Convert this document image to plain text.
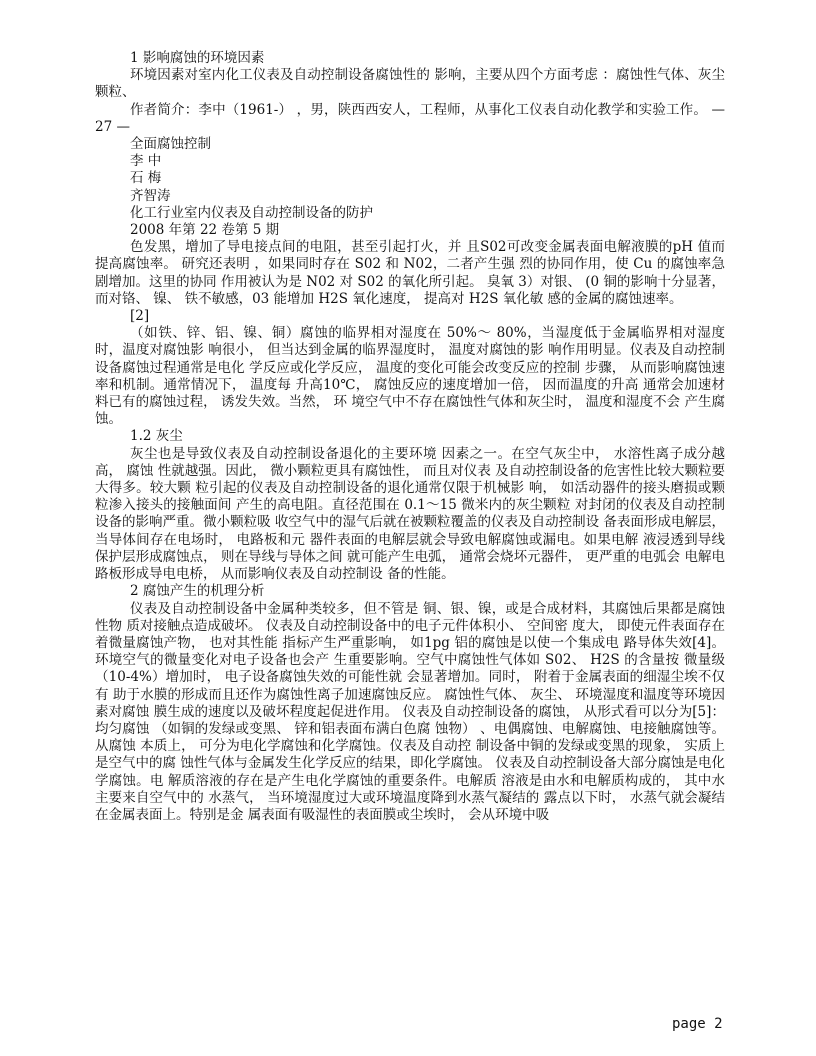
1 影响腐蚀的环境因素

环境因素对室内化工仪表及自动控制设备腐蚀性的 影响，主要从四个方面考虑 ：腐蚀性气体、灰尘颗粒、

作者简介：李中（1961-） ，男，陕西西安人，工程师，从事化工仪表自动化教学和实验工作。 — 27 —

全面腐蚀控制

李 中

石 梅

齐智涛

化工行业室内仪表及自动控制设备的防护

2008 年第 22 卷第 5 期

色发黑，增加了导电接点间的电阻，甚至引起打火，并 且S02可改变金属表面电解液膜的pH 值而提高腐蚀率。 研究还表明 ，如果同时存在 S02 和 N02，二者产生强 烈的协同作用，使 Cu 的腐蚀率急剧增加。这里的协同 作用被认为是 N02 对 S02 的氧化所引起。 臭氧 3）对银、 (0 铜的影响十分显著， 而对铬、 镍、 铁不敏感，03 能增加 H2S 氧化速度， 提高对 H2S 氧化敏 感的金属的腐蚀速率。

[2]

（如铁、锌、铝、镍、铜）腐蚀的临界相对湿度在 50%～ 80%，当湿度低于金属临界相对湿度时，温度对腐蚀影 响很小， 但当达到金属的临界湿度时， 温度对腐蚀的影 响作用明显。仪表及自动控制设备腐蚀过程通常是电化 学反应或化学反应， 温度的变化可能会改变反应的控制 步骤， 从而影响腐蚀速率和机制。通常情况下， 温度每 升高10℃， 腐蚀反应的速度增加一倍， 因而温度的升高 通常会加速材料已有的腐蚀过程， 诱发失效。当然， 环 境空气中不存在腐蚀性气体和灰尘时， 温度和湿度不会 产生腐蚀。

1.2 灰尘

灰尘也是导致仪表及自动控制设备退化的主要环境 因素之一。在空气灰尘中， 水溶性离子成分越高， 腐蚀 性就越强。因此， 微小颗粒更具有腐蚀性， 而且对仪表 及自动控制设备的危害性比较大颗粒要大得多。较大颗 粒引起的仪表及自动控制设备的退化通常仅限于机械影 响， 如活动器件的接头磨损或颗粒渗入接头的接触面间 产生的高电阻。直径范围在 0.1～15 微米内的灰尘颗粒 对封闭的仪表及自动控制设备的影响严重。微小颗粒吸 收空气中的湿气后就在被颗粒覆盖的仪表及自动控制设 备表面形成电解层， 当导体间存在电场时， 电路板和元 器件表面的电解层就会导致电解腐蚀或漏电。如果电解 液浸透到导线保护层形成腐蚀点， 则在导线与导体之间 就可能产生电弧， 通常会烧坏元器件， 更严重的电弧会 电解电路板形成导电电桥， 从而影响仪表及自动控制设 备的性能。

2 腐蚀产生的机理分析

仪表及自动控制设备中金属种类较多，但不管是 铜、银、镍，或是合成材料，其腐蚀后果都是腐蚀性物 质对接触点造成破坏。 仪表及自动控制设备中的电子元件体积小、 空间密 度大， 即使元件表面存在着微量腐蚀产物， 也对其性能 指标产生严重影响， 如1pg 铝的腐蚀是以使一个集成电 路导体失效[4]。环境空气的微量变化对电子设备也会产 生重要影响。空气中腐蚀性气体如 S02、 H2S 的含量按 微量级（10-4%）增加时， 电子设备腐蚀失效的可能性就 会显著增加。同时， 附着于金属表面的细湿尘埃不仅有 助于水膜的形成而且还作为腐蚀性离子加速腐蚀反应。 腐蚀性气体、 灰尘、 环境湿度和温度等环境因素对腐蚀 膜生成的速度以及破坏程度起促进作用。 仪表及自动控制设备的腐蚀， 从形式看可以分为[5]： 均匀腐蚀 （如铜的发绿或变黑、 锌和铝表面布满白色腐 蚀物） 、电偶腐蚀、电解腐蚀、电接触腐蚀等。从腐蚀 本质上， 可分为电化学腐蚀和化学腐蚀。仪表及自动控 制设备中铜的发绿或变黑的现象， 实质上是空气中的腐 蚀性气体与金属发生化学反应的结果，即化学腐蚀。 仪表及自动控制设备大部分腐蚀是电化学腐蚀。电 解质溶液的存在是产生电化学腐蚀的重要条件。电解质 溶液是由水和电解质构成的， 其中水主要来自空气中的 水蒸气， 当环境湿度过大或环境温度降到水蒸气凝结的 露点以下时， 水蒸气就会凝结在金属表面上。特别是金 属表面有吸湿性的表面膜或尘埃时， 会从环境中吸

page 2
